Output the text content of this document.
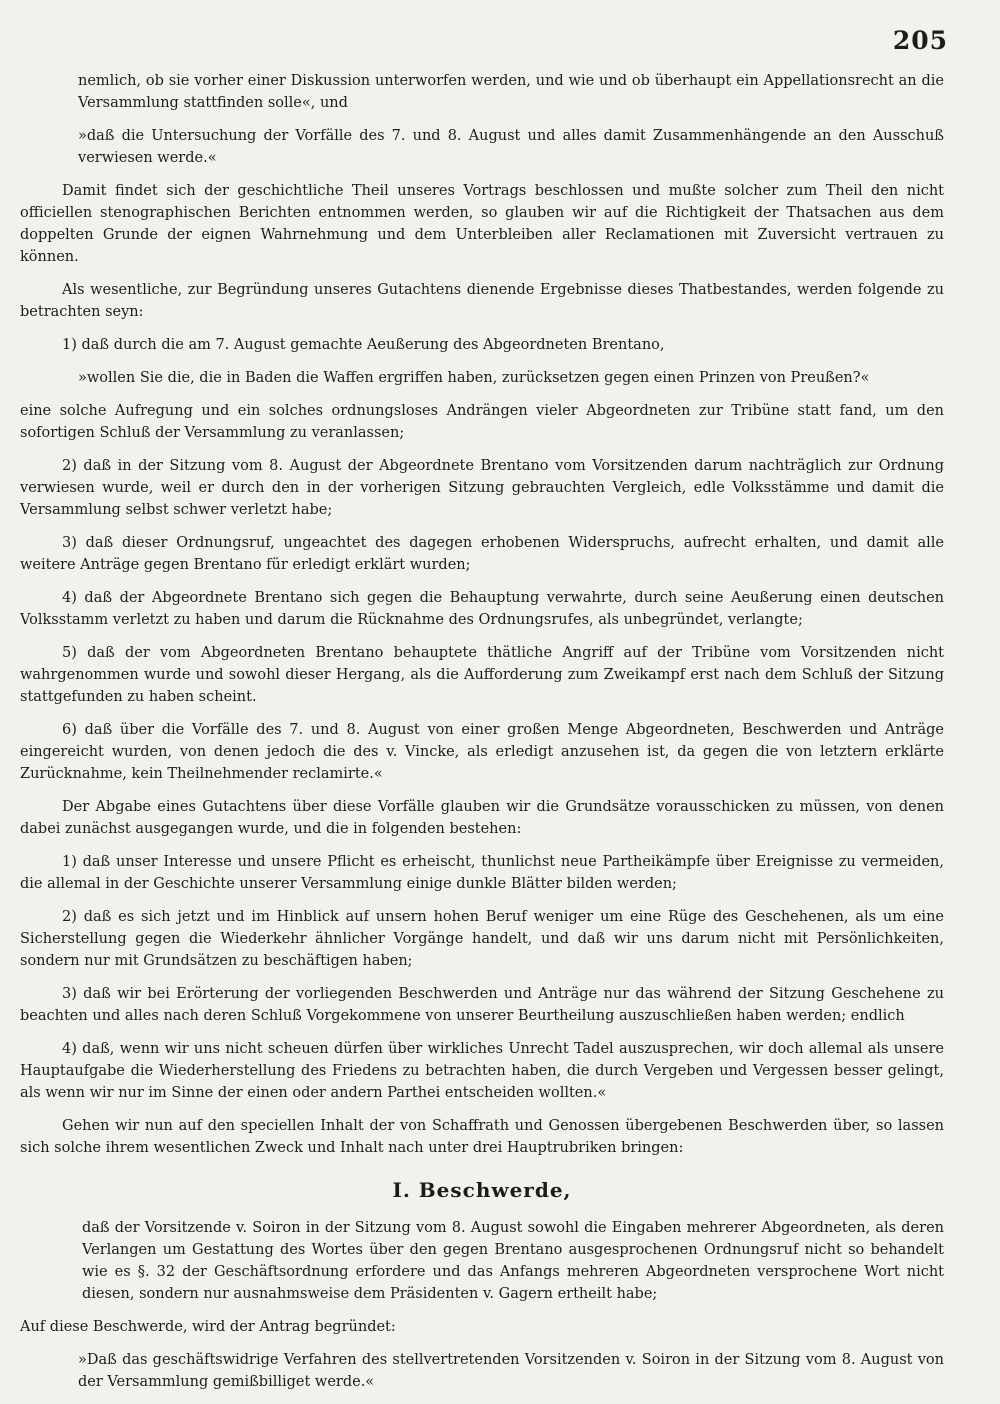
205

nemlich, ob sie vorher einer Diskussion unterworfen werden, und wie und ob überhaupt ein Appellationsrecht an die Versammlung stattfinden solle«, und

»daß die Untersuchung der Vorfälle des 7. und 8. August und alles damit Zusammenhängende an den Ausschuß verwiesen werde.«

Damit findet sich der geschichtliche Theil unseres Vortrags beschlossen und mußte solcher zum Theil den nicht officiellen stenographischen Berichten entnommen werden, so glauben wir auf die Richtigkeit der Thatsachen aus dem doppelten Grunde der eignen Wahrnehmung und dem Unterbleiben aller Reclamationen mit Zuversicht vertrauen zu können.

Als wesentliche, zur Begründung unseres Gutachtens dienende Ergebnisse dieses Thatbestandes, werden folgende zu betrachten seyn:

1) daß durch die am 7. August gemachte Aeußerung des Abgeordneten Brentano,

»wollen Sie die, die in Baden die Waffen ergriffen haben, zurücksetzen gegen einen Prinzen von Preußen?«

eine solche Aufregung und ein solches ordnungsloses Andrängen vieler Abgeordneten zur Tribüne statt fand, um den sofortigen Schluß der Versammlung zu veranlassen;

2) daß in der Sitzung vom 8. August der Abgeordnete Brentano vom Vorsitzenden darum nachträglich zur Ordnung verwiesen wurde, weil er durch den in der vorherigen Sitzung gebrauchten Vergleich, edle Volksstämme und damit die Versammlung selbst schwer verletzt habe;

3) daß dieser Ordnungsruf, ungeachtet des dagegen erhobenen Widerspruchs, aufrecht erhalten, und damit alle weitere Anträge gegen Brentano für erledigt erklärt wurden;

4) daß der Abgeordnete Brentano sich gegen die Behauptung verwahrte, durch seine Aeußerung einen deutschen Volksstamm verletzt zu haben und darum die Rücknahme des Ordnungsrufes, als unbegründet, verlangte;

5) daß der vom Abgeordneten Brentano behauptete thätliche Angriff auf der Tribüne vom Vorsitzenden nicht wahrgenommen wurde und sowohl dieser Hergang, als die Aufforderung zum Zweikampf erst nach dem Schluß der Sitzung stattgefunden zu haben scheint.

6) daß über die Vorfälle des 7. und 8. August von einer großen Menge Abgeordneten, Beschwerden und Anträge eingereicht wurden, von denen jedoch die des v. Vincke, als erledigt anzusehen ist, da gegen die von letztern erklärte Zurücknahme, kein Theilnehmender reclamirte.«

Der Abgabe eines Gutachtens über diese Vorfälle glauben wir die Grundsätze vorausschicken zu müssen, von denen dabei zunächst ausgegangen wurde, und die in folgenden bestehen:

1) daß unser Interesse und unsere Pflicht es erheischt, thunlichst neue Partheikämpfe über Ereignisse zu vermeiden, die allemal in der Geschichte unserer Versammlung einige dunkle Blätter bilden werden;

2) daß es sich jetzt und im Hinblick auf unsern hohen Beruf weniger um eine Rüge des Geschehenen, als um eine Sicherstellung gegen die Wiederkehr ähnlicher Vorgänge handelt, und daß wir uns darum nicht mit Persönlichkeiten, sondern nur mit Grundsätzen zu beschäftigen haben;

3) daß wir bei Erörterung der vorliegenden Beschwerden und Anträge nur das während der Sitzung Geschehene zu beachten und alles nach deren Schluß Vorgekommene von unserer Beurtheilung auszuschließen haben werden; endlich

4) daß, wenn wir uns nicht scheuen dürfen über wirkliches Unrecht Tadel auszusprechen, wir doch allemal als unsere Hauptaufgabe die Wiederherstellung des Friedens zu betrachten haben, die durch Vergeben und Vergessen besser gelingt, als wenn wir nur im Sinne der einen oder andern Parthei entscheiden wollten.«

Gehen wir nun auf den speciellen Inhalt der von Schaffrath und Genossen übergebenen Beschwerden über, so lassen sich solche ihrem wesentlichen Zweck und Inhalt nach unter drei Hauptrubriken bringen:

I. Beschwerde,

daß der Vorsitzende v. Soiron in der Sitzung vom 8. August sowohl die Eingaben mehrerer Abgeordneten, als deren Verlangen um Gestattung des Wortes über den gegen Brentano ausgesprochenen Ordnungsruf nicht so behandelt wie es §. 32 der Geschäftsordnung erfordere und das Anfangs mehreren Abgeordneten versprochene Wort nicht diesen, sondern nur ausnahmsweise dem Präsidenten v. Gagern ertheilt habe;

Auf diese Beschwerde, wird der Antrag begründet:

»Daß das geschäftswidrige Verfahren des stellvertretenden Vorsitzenden v. Soiron in der Sitzung vom 8. August von der Versammlung gemißbilliget werde.«
